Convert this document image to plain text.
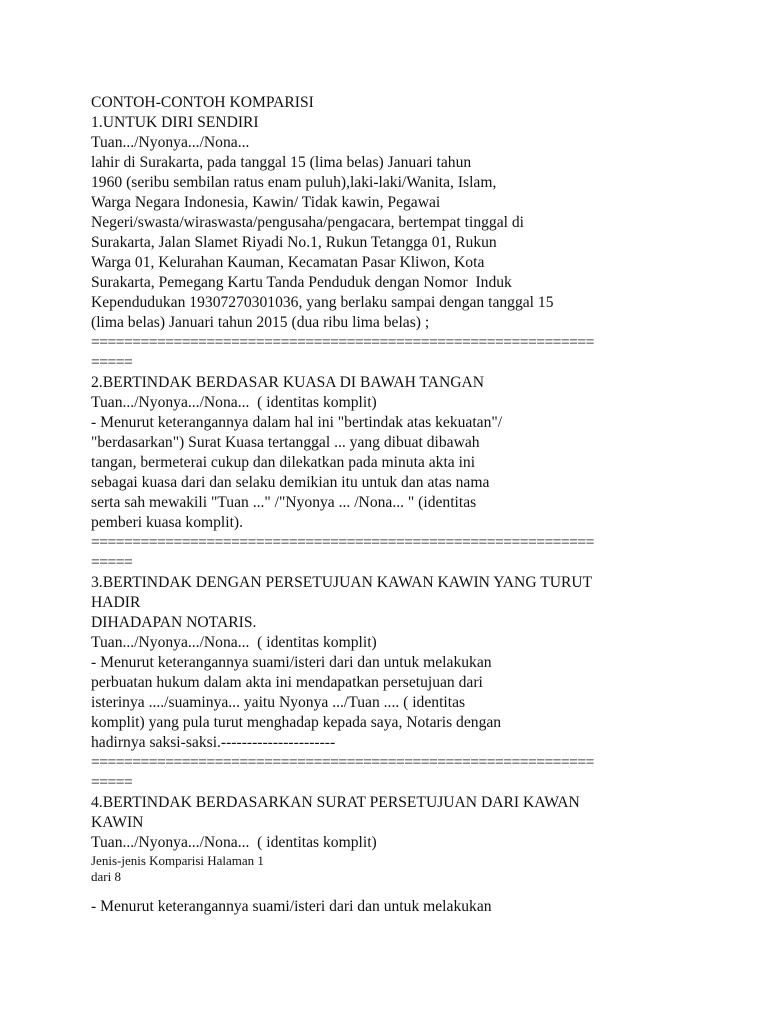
CONTOH-CONTOH KOMPARISI
1.UNTUK DIRI SENDIRI
Tuan.../Nyonya.../Nona...
lahir di Surakarta, pada tanggal 15 (lima belas) Januari tahun
1960 (seribu sembilan ratus enam puluh),laki-laki/Wanita, Islam,
Warga Negara Indonesia, Kawin/ Tidak kawin, Pegawai
Negeri/swasta/wiraswasta/pengusaha/pengacara, bertempat tinggal di
Surakarta, Jalan Slamet Riyadi No.1, Rukun Tetangga 01, Rukun
Warga 01, Kelurahan Kauman, Kecamatan Pasar Kliwon, Kota
Surakarta, Pemegang Kartu Tanda Penduduk dengan Nomor  Induk
Kependudukan 19307270301036, yang berlaku sampai dengan tanggal 15
(lima belas) Januari tahun 2015 (dua ribu lima belas) ;
=============================================================
=====
2.BERTINDAK BERDASAR KUASA DI BAWAH TANGAN
Tuan.../Nyonya.../Nona...  ( identitas komplit)
- Menurut keterangannya dalam hal ini "bertindak atas kekuatan"/
"berdasarkan") Surat Kuasa tertanggal ... yang dibuat dibawah
tangan, bermeterai cukup dan dilekatkan pada minuta akta ini
sebagai kuasa dari dan selaku demikian itu untuk dan atas nama
serta sah mewakili "Tuan ..." /"Nyonya ... /Nona... " (identitas
pemberi kuasa komplit).
=============================================================
=====
3.BERTINDAK DENGAN PERSETUJUAN KAWAN KAWIN YANG TURUT
HADIR
DIHADAPAN NOTARIS.
Tuan.../Nyonya.../Nona...  ( identitas komplit)
- Menurut keterangannya suami/isteri dari dan untuk melakukan
perbuatan hukum dalam akta ini mendapatkan persetujuan dari
isterinya ..../suaminya... yaitu Nyonya .../Tuan .... ( identitas
komplit) yang pula turut menghadap kepada saya, Notaris dengan
hadirnya saksi-saksi.----------------------
=============================================================
=====
4.BERTINDAK BERDASARKAN SURAT PERSETUJUAN DARI KAWAN
KAWIN
Tuan.../Nyonya.../Nona...  ( identitas komplit)
Jenis-jenis Komparisi Halaman 1
dari 8
- Menurut keterangannya suami/isteri dari dan untuk melakukan
